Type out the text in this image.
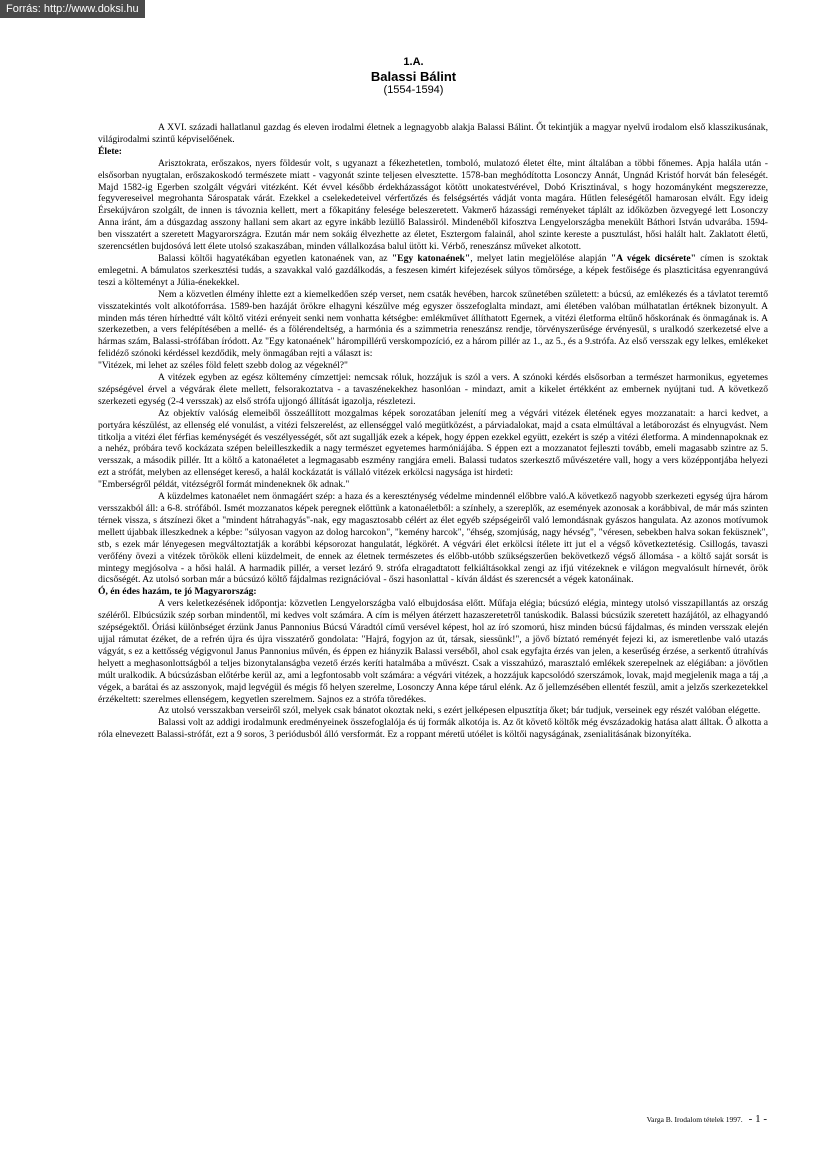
Forrás: http://www.doksi.hu
1.A.
Balassi Bálint
(1554-1594)

A XVI. századi hallatlanul gazdag és eleven irodalmi életnek a legnagyobb alakja Balassi Bálint. Őt tekintjük a magyar nyelvű irodalom első klasszikusának, világirodalmi szintű képviselőének.

Élete:

Arisztokrata, erőszakos, nyers földesúr volt, s ugyanazt a fékezhetetlen, tomboló, mulatozó életet élte, mint általában a többi főnemes. Apja halála után - elsősorban nyugtalan, erőszakoskodó természete miatt - vagyonát szinte teljesen elvesztette. 1578-ban meghódította Losonczy Annát, Ungnád Kristóf horvát bán feleségét. Majd 1582-ig Egerben szolgált végvári vitézként. Két évvel később érdekházasságot kötött unokatestvérével, Dobó Krisztinával, s hogy hozományként megszerezze, fegyvereseivel megrohanta Sárospatak várát. Ezekkel a cselekedeteivel vérfertőzés és felségsértés vádját vonta magára. Hűtlen feleségétől hamarosan elvált. Egy ideig Érsekújváron szolgált, de innen is távoznia kellett, mert a főkapitány felesége beleszeretett. Vakmerő házassági reményeket táplált az időközben özvegyegé lett Losonczy Anna iránt, ám a dúsgazdag asszony hallani sem akart az egyre inkább lezüllő Balassiról. Mindenéből kifosztva Lengyelországba menekült Báthori István udvarába. 1594-ben visszatért a szeretett Magyarországra. Ezután már nem sokáig élvezhette az életet, Esztergom falainál, ahol szinte kereste a pusztulást, hősi halált halt. Zaklatott életű, szerencsétlen bujdosóvá lett élete utolsó szakaszában, minden vállalkozása balul ütött ki. Vérbő, reneszánsz műveket alkotott.

Balassi költői hagyatékában egyetlen katonaének van, az "Egy katonaének", melyet latin megjelölése alapján "A végek dicsérete" címen is szoktak emlegetni. A bámulatos szerkesztési tudás, a szavakkal való gazdálkodás, a feszesen kimért kifejezések súlyos tömörsége, a képek festőisége és plaszticitása egyenrangúvá teszi a költeményt a Júlia-énekekkel.

Nem a közvetlen élmény ihlette ezt a kiemelkedően szép verset, nem csaták hevében, harcok szünetében született: a búcsú, az emlékezés és a távlatot teremtő visszatekintés volt alkotóforrása. 1589-ben hazáját örökre elhagyni készülve még egyszer összefoglalta mindazt, ami életében valóban múlhatatlan értéknek bizonyult. A minden más téren hírhedtté vált költő vitézi erényeit senki nem vonhatta kétségbe: emlékművet állíthatott Egernek, a vitézi életforma eltűnő hőskorának és önmagának is. A szerkezetben, a vers felépítésében a mellé- és a fölérendeltség, a harmónia és a szimmetria reneszánsz rendje, törvényszerűsége érvényesül, s uralkodó szerkezetsé elve a hármas szám, Balassi-strófában íródott. Az "Egy katonaének" hárompillérű verskompozíció, ez a három pillér az 1., az 5., és a 9.strófa. Az első versszak egy lelkes, emlékeket felidéző szónoki kérdéssel kezdődik, mely önmagában rejti a választ is:

"Vitézek, mi lehet az széles föld felett szebb dolog az végeknél?"

A vitézek egyben az egész költemény címzettjei: nemcsak róluk, hozzájuk is szól a vers. A szónoki kérdés elsősorban a természet harmonikus, egyetemes szépségével érvel a végvárak élete mellett, felsorakoztatva - a tavaszénekekhez hasonlóan - mindazt, amit a kikelet értékként az embernek nyújtani tud. A következő szerkezeti egység (2-4 versszak) az első strófa ujjongó állítását igazolja, részletezi.

Az objektív valóság elemeiből összeállított mozgalmas képek sorozatában jelenítí meg a végvári vitézek életének egyes mozzanatait: a harci kedvet, a portyára készülést, az ellenség elé vonulást, a vitézi felszerelést, az ellenséggel való megütközést, a párviadalokat, majd a csata elmúltával a letáborozást és elnyugvást. Nem titkolja a vitézi élet férfias keménységét és veszélyességét, sőt azt sugallják ezek a képek, hogy éppen ezekkel együtt, ezekért is szép a vitézi életforma. A mindennapoknak ez a nehéz, próbára tevő kockázata szépen beleilleszkedik a nagy természet egyetemes harmóniájába. S éppen ezt a mozzanatot fejleszti tovább, emeli magasabb szintre az 5. versszak, a második pillér. Itt a költő a katonaéletet a legmagasabb eszmény rangjára emeli. Balassi tudatos szerkesztő művészetére vall, hogy a vers középpontjába helyezi ezt a strófát, melyben az ellenséget kereső, a halál kockázatát is vállaló vitézek erkölcsi nagysága ist hirdeti:

"Emberségről példát, vitézségről formát mindeneknek ők adnak."

A küzdelmes katonaélet nem önmagáért szép: a haza és a kereszténység védelme mindennél előbbre való.A következő nagyobb szerkezeti egység újra három versszakból áll: a 6-8. strófából. Ismét mozzanatos képek peregnek előttünk a katonaéletből: a színhely, a szereplők, az események azonosak a korábbival, de már más szinten térnek vissza, s átszínezi őket a "mindent hátrahagyás"-nak, egy magasztosabb célért az élet egyéb szépségeiről való lemondásnak gyászos hangulata. Az azonos motívumok mellett újabbak illeszkednek a képbe: "súlyosan vagyon az dolog harcokon", "kemény harcok", "éhség, szomjúság, nagy hévség", "véresen, sebekben halva sokan feküsznek", stb, s ezek már lényegesen megváltoztatják a korábbi képsorozat hangulatát, légkörét. A végvári élet erkölcsi ítélete itt jut el a végső következtetésig. Csillogás, tavaszi verőfény övezi a vitézek törökök elleni küzdelmeit, de ennek az életnek természetes és előbb-utóbb szükségszerűen bekövetkező végső állomása - a költő saját sorsát is mintegy megjósolva - a hősi halál. A harmadik pillér, a verset lezáró 9. strófa elragadtatott felkiáltásokkal zengi az ifjú vitézeknek e világon megvalósult hírnevét, örök dicsőségét. Az utolsó sorban már a búcsúzó költő fájdalmas rezignációval - őszi hasonlattal - kíván áldást és szerencsét a végek katonáinak.

Ó, én édes hazám, te jó Magyarország:

A vers keletkezésének időpontja: közvetlen Lengyelországba való elbujdosása előtt. Műfaja elégia; búcsúzó elégia, mintegy utolsó visszapillantás az ország széléről. Elbúcsúzik szép sorban mindentől, mi kedves volt számára. A cím is mélyen átérzett hazaszeretetről tanúskodik. Balassi búcsúzik szeretett hazájától, az elhagyandó szépségektől. Óriási különbséget érzünk Janus Pannonius Búcsú Váradtól című versével képest, hol az író szomorú, hisz minden búcsú fájdalmas, és minden versszak elején ujjal rámutat ézéket, de a refrén újra és újra visszatérő gondolata: "Hajrá, fogyjon az út, társak, siessünk!", a jövő bíztató reményét fejezi ki, az ismeretlenbe való utazás vágyát, s ez a kettősség végigvonul Janus Pannonius művén, és éppen ez hiányzik Balassi verséből, ahol csak egyfajta érzés van jelen, a keserűség érzése, a serkentő útrahívás helyett a meghasonlottságból a teljes bizonytalanságba vezető érzés keríti hatalmába a művészt. Csak a visszahúzó, marasztaló emlékek szerepelnek az elégiában: a jövőtlen múlt uralkodik. A búcsúzásban előtérbe kerül az, ami a legfontosabb volt számára: a végvári vitézek, a hozzájuk kapcsolódó szerszámok, lovak, majd megjelenik maga a táj ,a végek, a barátai és az asszonyok, majd legvégül és mégis fő helyen szerelme, Losonczy Anna képe tárul elénk. Az ő jellemzésében ellentét feszül, amit a jelzős szerkezetekkel érzékeltett: szerelmes ellenségem, kegyetlen szerelmem. Sajnos ez a strófa töredékes.

Az utolsó versszakban verseiről szól, melyek csak bánatot okoztak neki, s ezért jelképesen elpusztítja őket; bár tudjuk, verseinek egy részét valóban elégette.

Balassi volt az addigi irodalmunk eredményeinek összefoglalója és új formák alkotója is. Az őt követő költők még évszázadokig hatása alatt álltak. Ő alkotta a róla elnevezett Balassi-strófát, ezt a 9 soros, 3 periódusból álló versformát. Ez a roppant méretű utóélet is költői nagyságának, zsenialitásának bizonyítéka.

Varga B. Irodalom tételek 1997. - 1 -
